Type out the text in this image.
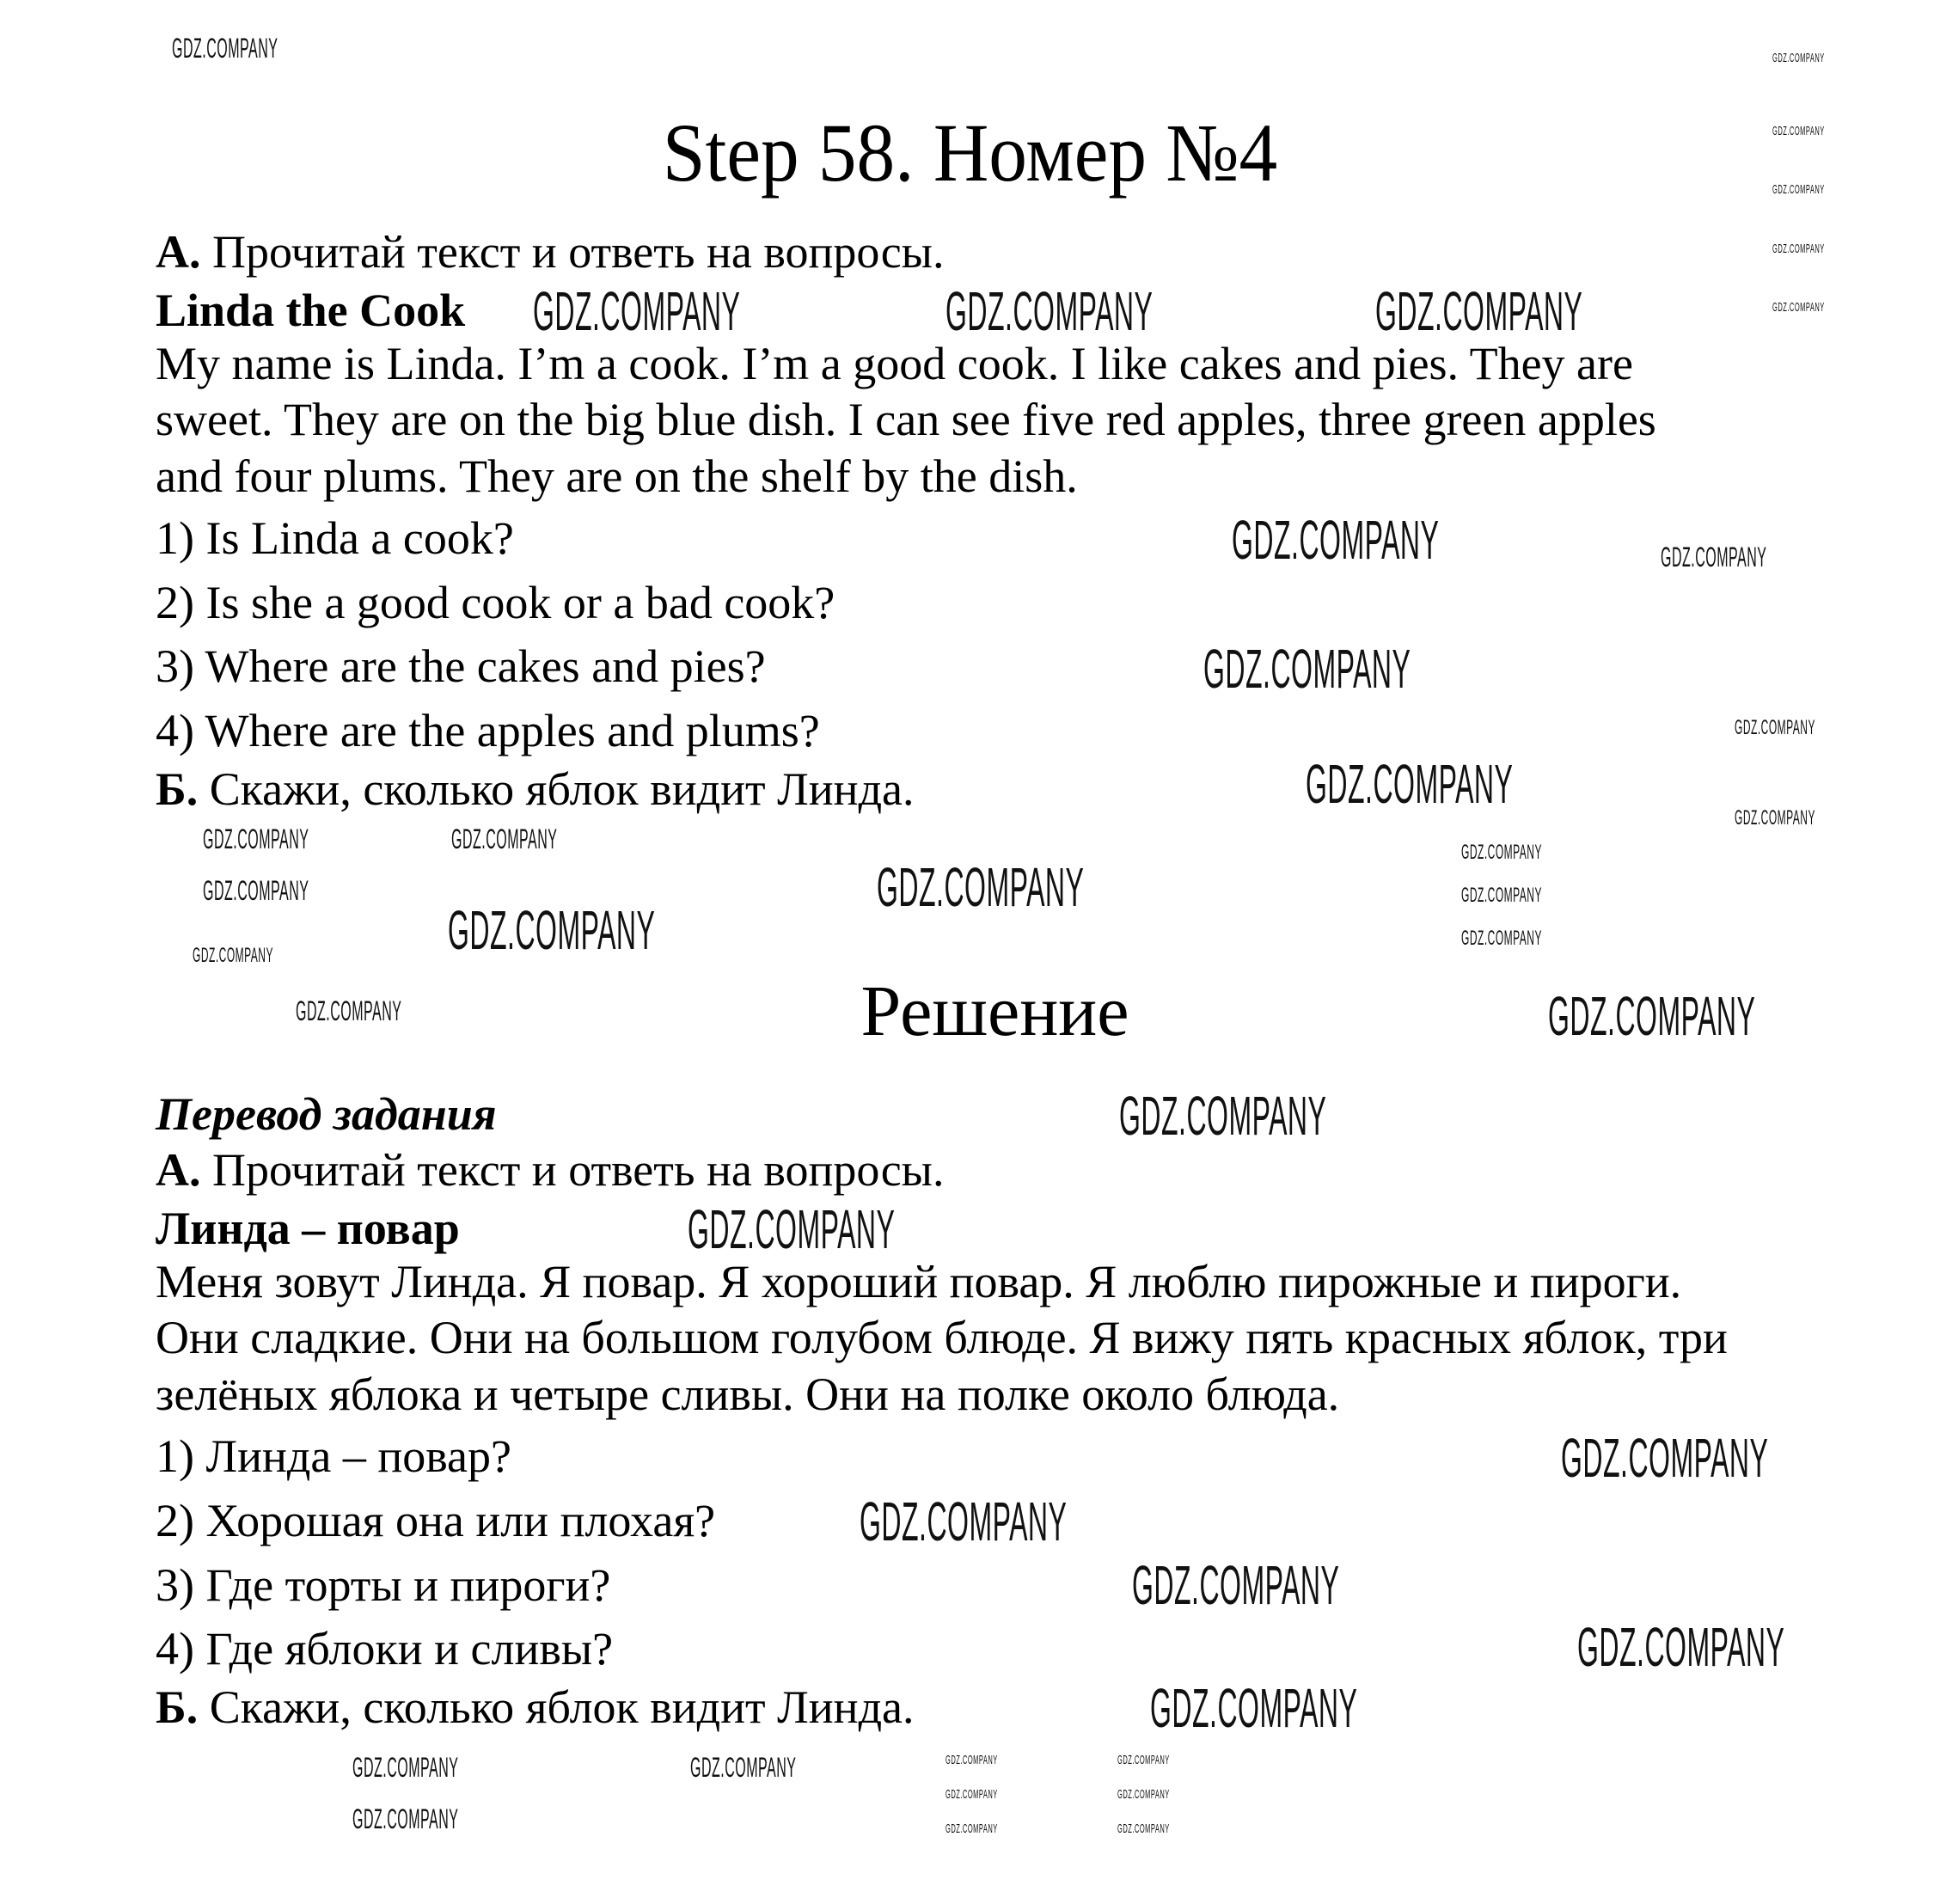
Step 58. Номер №4
A. Прочитай текст и ответь на вопросы.
Linda the Cook
My name is Linda. I’m a cook. I’m a good cook. I like cakes and pies. They are
sweet. They are on the big blue dish. I can see five red apples, three green apples
and four plums. They are on the shelf by the dish.
1) Is Linda a cook?
2) Is she a good cook or a bad cook?
3) Where are the cakes and pies?
4) Where are the apples and plums?
Б. Скажи, сколько яблок видит Линда.
Решение
Перевод задания
А. Прочитай текст и ответь на вопросы.
Линда – повар
Меня зовут Линда. Я повар. Я хороший повар. Я люблю пирожные и пироги.
Они сладкие. Они на большом голубом блюде. Я вижу пять красных яблок, три
зелёных яблока и четыре сливы. Они на полке около блюда.
1) Линда – повар?
2) Хорошая она или плохая?
3) Где торты и пироги?
4) Где яблоки и сливы?
Б. Скажи, сколько яблок видит Линда.
GDZ.COMPANY	GDZ.COMPANY	GDZ.COMPANY
GDZ.COMPANY
GDZ.COMPANY
GDZ.COMPANY
GDZ.COMPANY
GDZ.COMPANY
GDZ.COMPANY
GDZ.COMPANY
GDZ.COMPANY
GDZ.COMPANY
GDZ.COMPANY
GDZ.COMPANY
GDZ.COMPANY
GDZ.COMPANY
GDZ.COMPANY
GDZ.COMPANY
GDZ.COMPANY
GDZ.COMPANY
GDZ.COMPANY
GDZ.COMPANY
GDZ.COMPANY
GDZ.COMPANY
GDZ.COMPANY
GDZ.COMPANY
GDZ.COMPANY
GDZ.COMPANY
GDZ.COMPANY
GDZ.COMPANY
GDZ.COMPANY
GDZ.COMPANY
GDZ.COMPANY
GDZ.COMPANY
GDZ.COMPANY
GDZ.COMPANY
GDZ.COMPANY
GDZ.COMPANY
GDZ.COMPANY
GDZ.COMPANY
GDZ.COMPANY
GDZ.COMPANY
